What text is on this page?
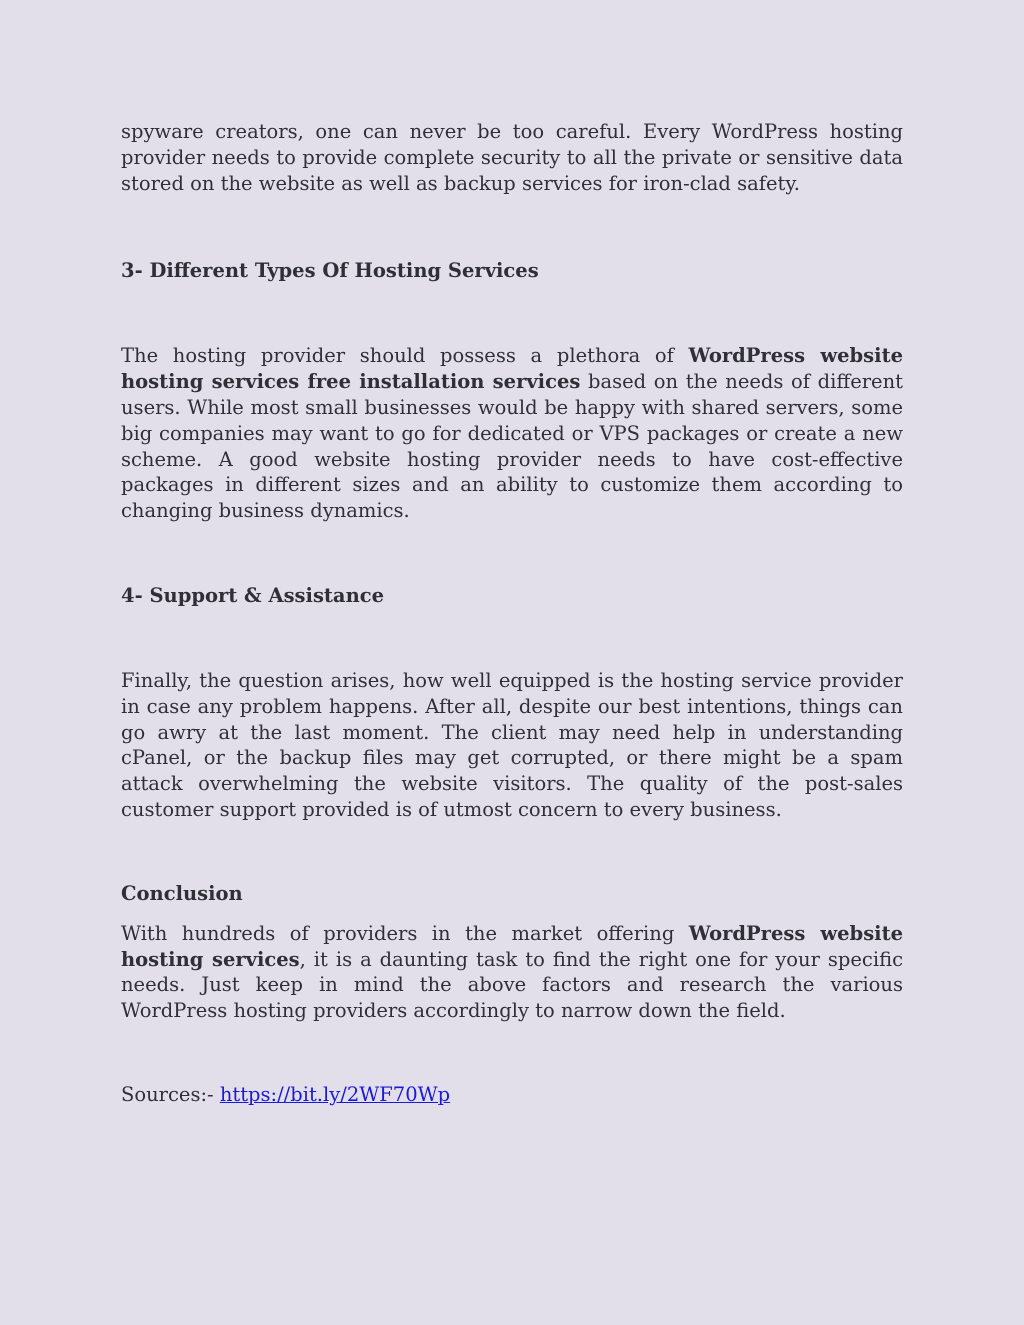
spyware creators, one can never be too careful. Every WordPress hosting provider needs to provide complete security to all the private or sensitive data stored on the website as well as backup services for iron-clad safety.

3- Different Types Of Hosting Services

The hosting provider should possess a plethora of WordPress website hosting services free installation services based on the needs of different users. While most small businesses would be happy with shared servers, some big companies may want to go for dedicated or VPS packages or create a new scheme. A good website hosting provider needs to have cost-effective packages in different sizes and an ability to customize them according to changing business dynamics.

4- Support & Assistance

Finally, the question arises, how well equipped is the hosting service provider in case any problem happens. After all, despite our best intentions, things can go awry at the last moment. The client may need help in understanding cPanel, or the backup files may get corrupted, or there might be a spam attack overwhelming the website visitors. The quality of the post-sales customer support provided is of utmost concern to every business.

Conclusion

With hundreds of providers in the market offering WordPress website hosting services, it is a daunting task to find the right one for your specific needs. Just keep in mind the above factors and research the various WordPress hosting providers accordingly to narrow down the field.

Sources:- https://bit.ly/2WF70Wp
